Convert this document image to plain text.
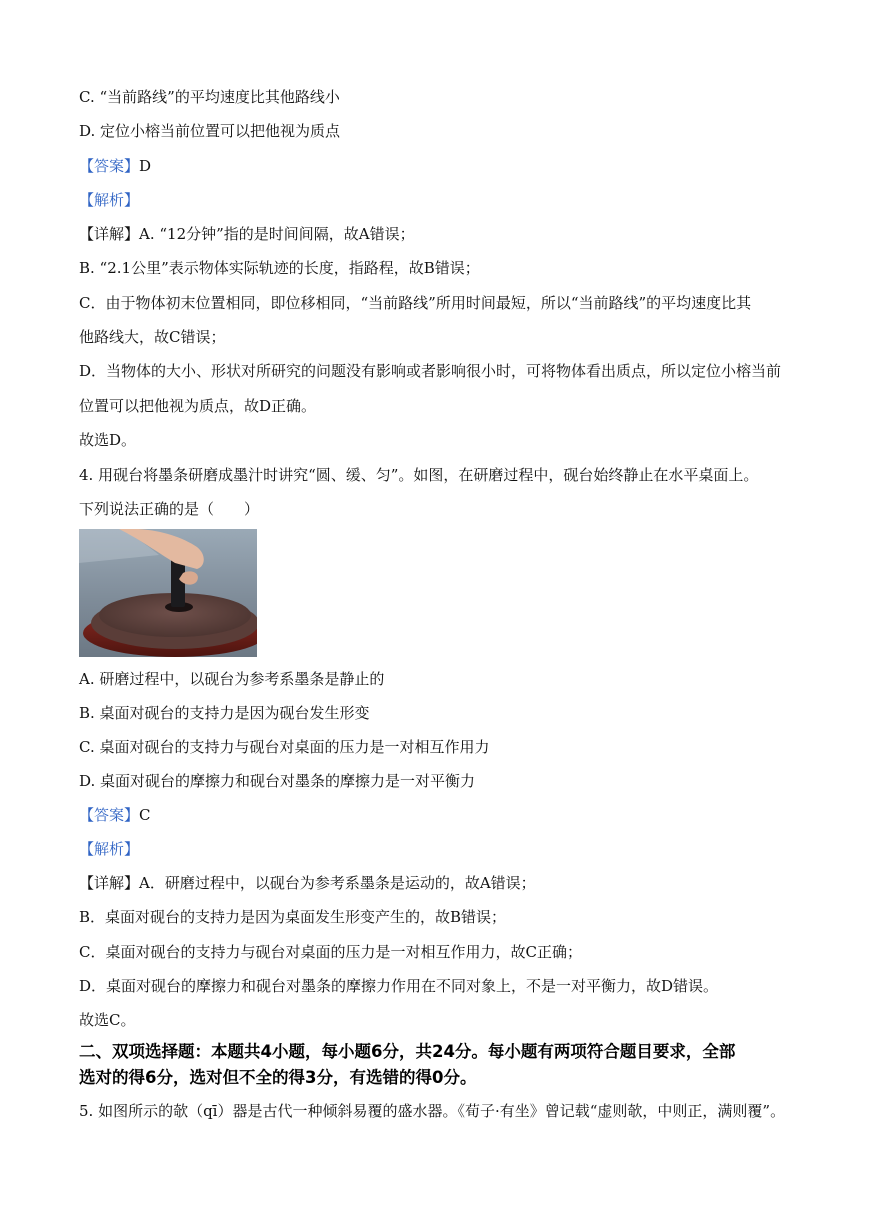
C. “当前路线”的平均速度比其他路线小
D. 定位小榕当前位置可以把他视为质点
【答案】D
【解析】
【详解】A. “12分钟”指的是时间间隔，故A错误；
B. “2.1公里”表示物体实际轨迹的长度，指路程，故B错误；
C．由于物体初末位置相同，即位移相同，“当前路线”所用时间最短，所以“当前路线”的平均速度比其
他路线大，故C错误；
D．当物体的大小、形状对所研究的问题没有影响或者影响很小时，可将物体看出质点，所以定位小榕当前
位置可以把他视为质点，故D正确。
故选D。
4. 用砚台将墨条研磨成墨汁时讲究“圆、缓、匀”。如图，在研磨过程中，砚台始终静止在水平桌面上。
下列说法正确的是（　　）
A. 研磨过程中，以砚台为参考系墨条是静止的
B. 桌面对砚台的支持力是因为砚台发生形变
C. 桌面对砚台的支持力与砚台对桌面的压力是一对相互作用力
D. 桌面对砚台的摩擦力和砚台对墨条的摩擦力是一对平衡力
【答案】C
【解析】
【详解】A．研磨过程中，以砚台为参考系墨条是运动的，故A错误；
B．桌面对砚台的支持力是因为桌面发生形变产生的，故B错误；
C．桌面对砚台的支持力与砚台对桌面的压力是一对相互作用力，故C正确；
D．桌面对砚台的摩擦力和砚台对墨条的摩擦力作用在不同对象上，不是一对平衡力，故D错误。
故选C。
二、双项选择题：本题共4小题，每小题6分，共24分。每小题有两项符合题目要求，全部
选对的得6分，选对但不全的得3分，有选错的得0分。
5. 如图所示的欹（qī）器是古代一种倾斜易覆的盛水器。《荀子·有坐》曾记载“虚则欹，中则正，满则覆”。
